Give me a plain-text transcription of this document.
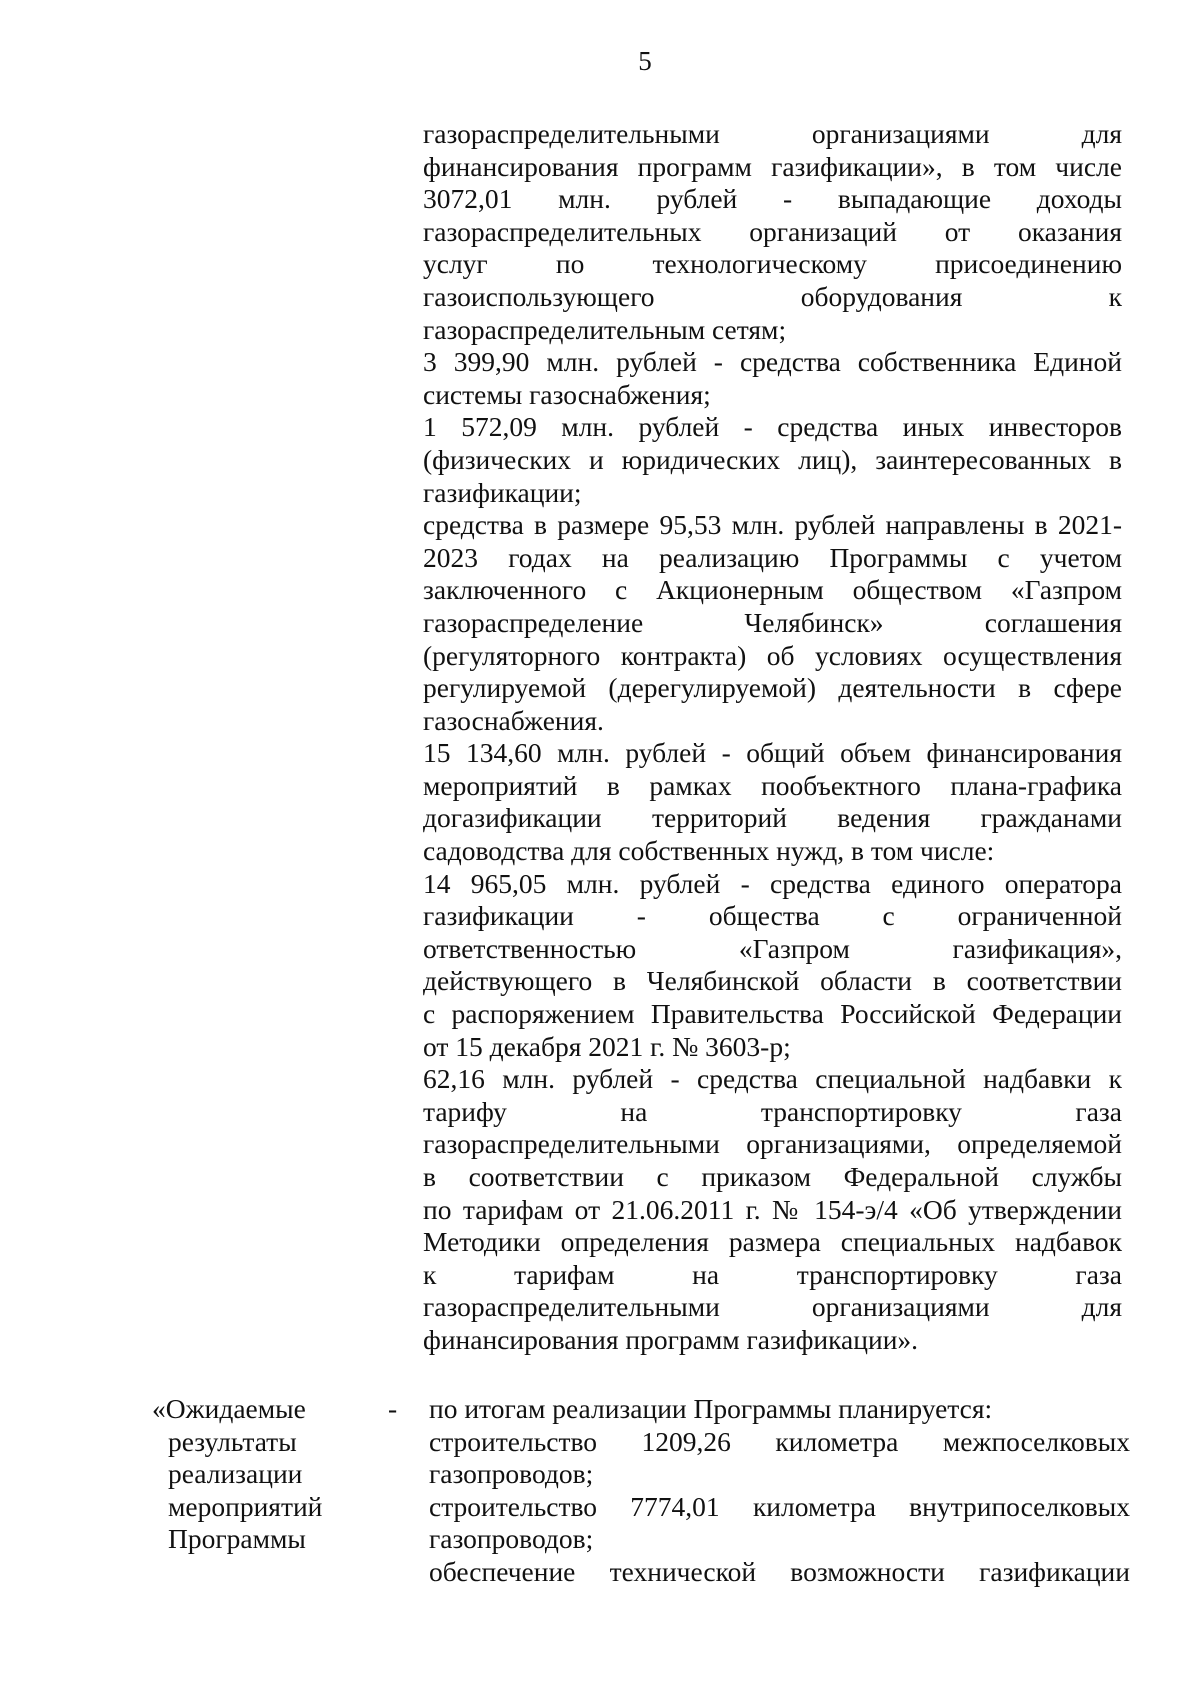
5
газораспределительными организациями для
финансирования программ газификации», в том числе
3072,01 млн. рублей - выпадающие доходы
газораспределительных организаций от оказания
услуг по технологическому присоединению
газоиспользующего оборудования к
газораспределительным сетям;
3 399,90 млн. рублей - средства собственника Единой
системы газоснабжения;
1 572,09 млн. рублей - средства иных инвесторов
(физических и юридических лиц), заинтересованных в
газификации;
средства в размере 95,53 млн. рублей направлены в 2021-
2023 годах на реализацию Программы с учетом
заключенного с Акционерным обществом «Газпром
газораспределение Челябинск» соглашения
(регуляторного контракта) об условиях осуществления
регулируемой (дерегулируемой) деятельности в сфере
газоснабжения.
15 134,60 млн. рублей - общий объем финансирования
мероприятий в рамках пообъектного плана-графика
догазификации территорий ведения гражданами
садоводства для собственных нужд, в том числе:
14 965,05 млн. рублей - средства единого оператора
газификации - общества с ограниченной
ответственностью «Газпром газификация»,
действующего в Челябинской области в соответствии
с распоряжением Правительства Российской Федерации
от 15 декабря 2021 г. № 3603-р;
62,16 млн. рублей - средства специальной надбавки к
тарифу на транспортировку газа
газораспределительными организациями, определяемой
в соответствии с приказом Федеральной службы
по тарифам от 21.06.2011 г. № 154-э/4 «Об утверждении
Методики определения размера специальных надбавок
к тарифам на транспортировку газа
газораспределительными организациями для
финансирования программ газификации».
«Ожидаемые
результаты
реализации
мероприятий
Программы
- по итогам реализации Программы планируется:
строительство 1209,26 километра межпоселковых
газопроводов;
строительство 7774,01 километра внутрипоселковых
газопроводов;
обеспечение технической возможности газификации
